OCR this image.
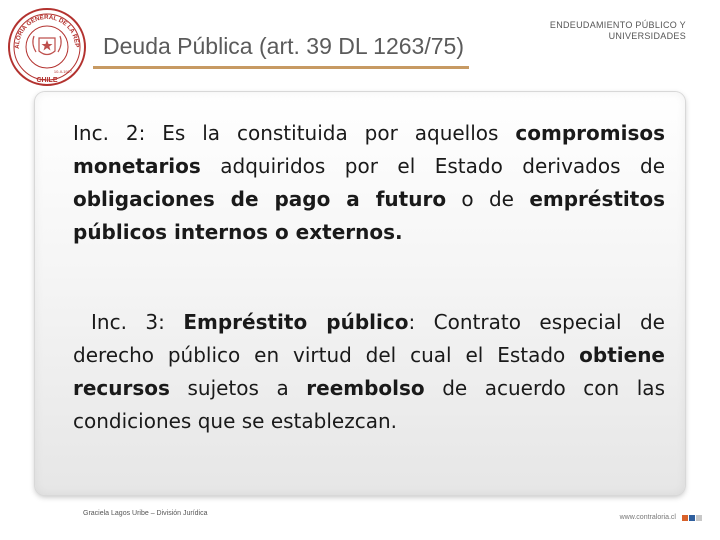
ALORIA GENERAL DE LA REP
CHILE
10-II-1927
Deuda Pública (art. 39 DL 1263/75)
ENDEUDAMIENTO PÚBLICO Y
UNIVERSIDADES
Inc. 2: Es la constituida por aquellos compromisos monetarios adquiridos por el Estado derivados de obligaciones de pago a futuro o de empréstitos públicos internos o externos.
Inc. 3: Empréstito público: Contrato especial de derecho público en virtud del cual el Estado obtiene recursos sujetos a reembolso de acuerdo con las condiciones que se establezcan.
Graciela Lagos Uribe – División Jurídica	www.contraloria.cl
